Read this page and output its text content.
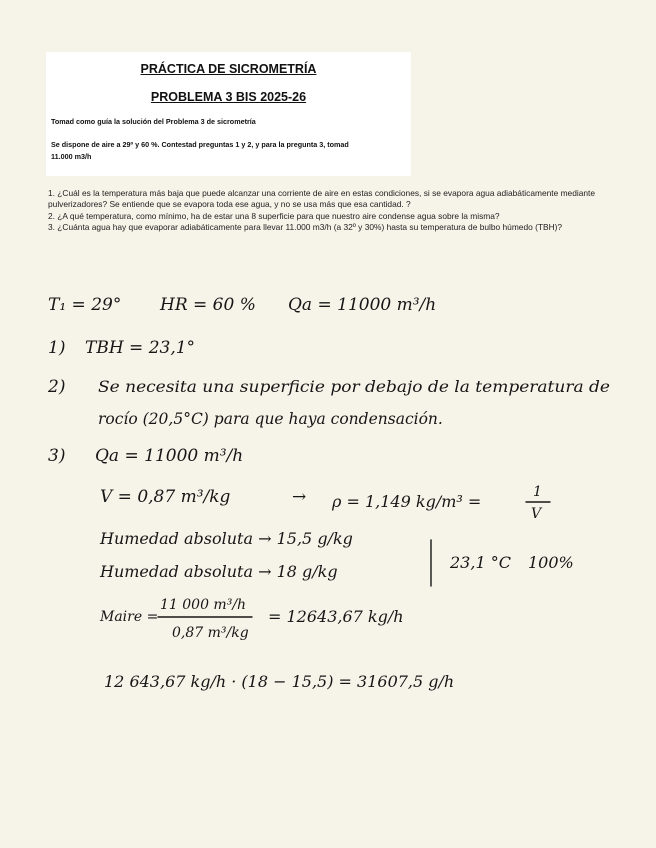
PRÁCTICA DE SICROMETRÍA
PROBLEMA 3 BIS 2025-26
Tomad como guía la solución del Problema 3 de sicrometría
Se dispone de aire a 29º y 60 %. Contestad preguntas 1 y 2, y para la pregunta 3, tomad
11.000 m3/h

1. ¿Cuál es la temperatura más baja que puede alcanzar una corriente de aire en estas condiciones, si se evapora agua adiabáticamente mediante pulverizadores? Se entiende que se evapora toda ese agua, y no se usa más que esa cantidad. ?

2. ¿A qué temperatura, como mínimo, ha de estar una 8 superficie para que nuestro aire condense agua sobre la misma?

3. ¿Cuánta agua hay que evaporar adiabáticamente para llevar 11.000 m3/h (a 32º y 30%) hasta su temperatura de bulbo húmedo (TBH)?

T₁ = 29° HR = 60 % Qa = 11000 m³/h
1) TBH = 23,1°
2) Se necesita una superficie por debajo de la temperatura de
rocío (20,5°C) para que haya condensación.
3) Qa = 11000 m³/h
V = 0,87 m³/kg	→ ρ = 1,149 kg/m³ =	1
V
Humedad absoluta → 15,5 g/kg
Humedad absoluta → 18 g/kg	23,1 °C 100%
Maire =
11 000 m³/h
0,87 m³/kg
= 12643,67 kg/h
12 643,67 kg/h · (18 − 15,5) = 31607,5 g/h
